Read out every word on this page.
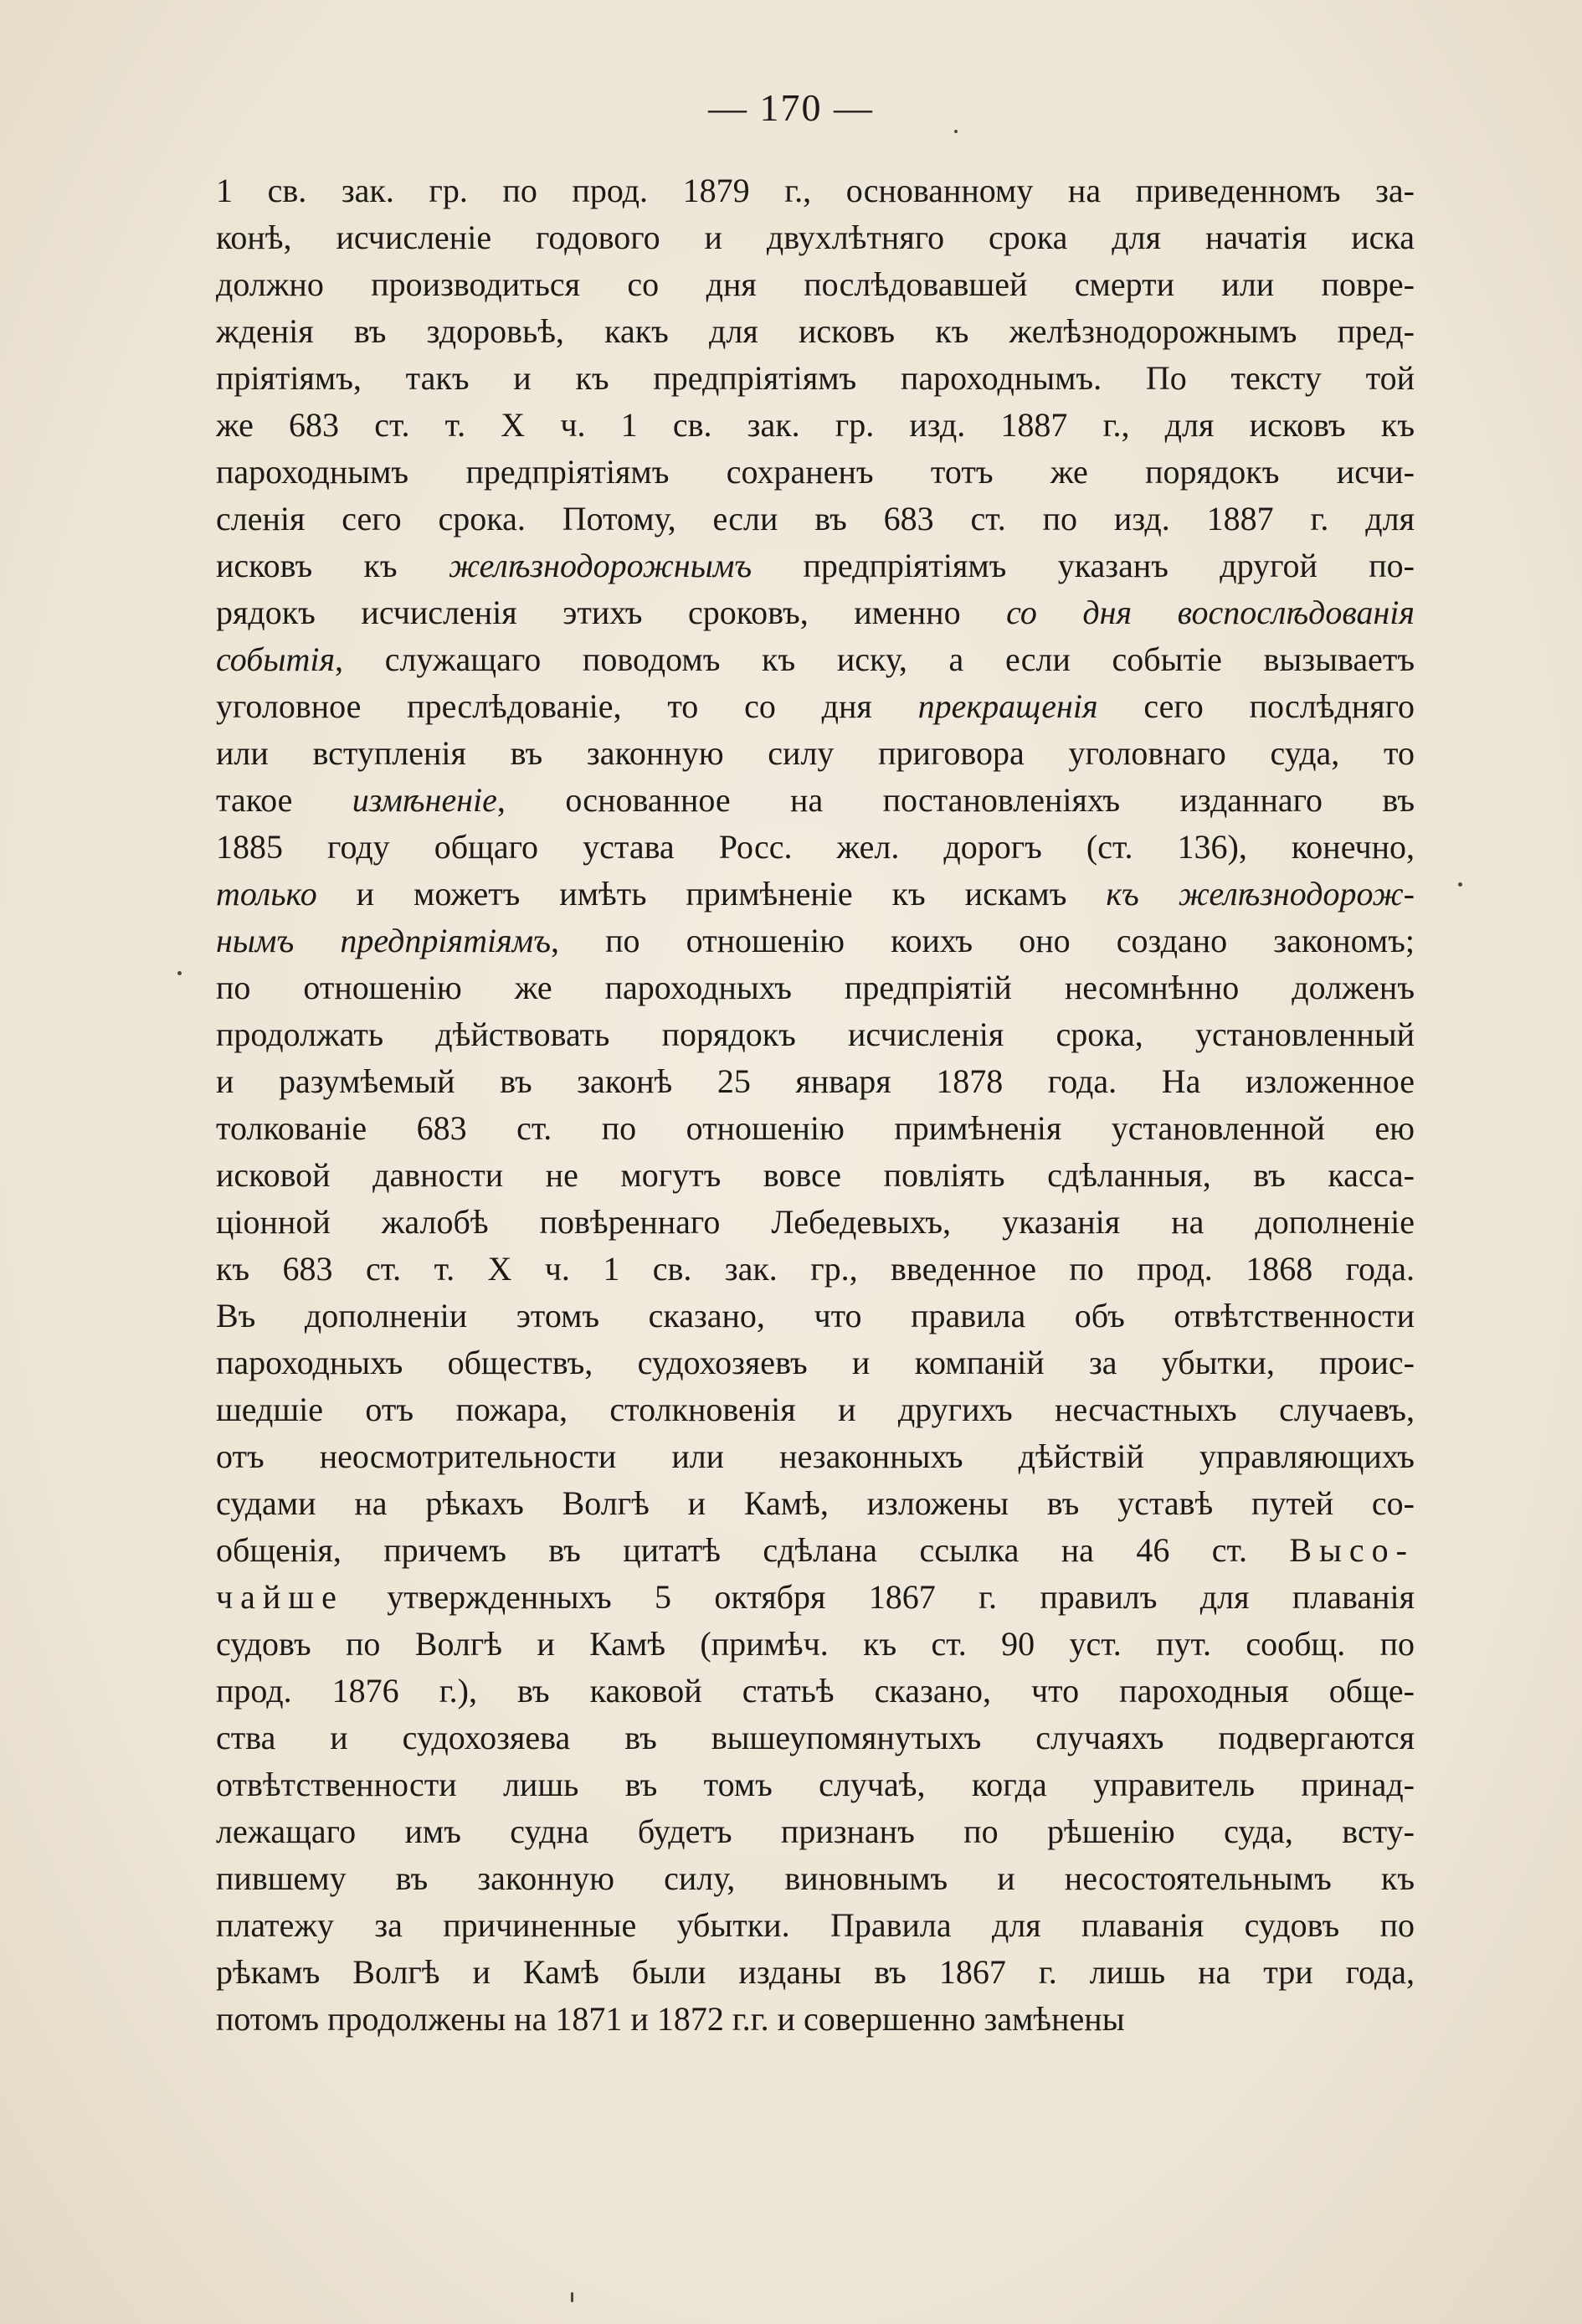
— 170 —
1 св. зак. гр. по прод. 1879 г., основанному на приведенномъ за-
конѣ, исчисленіе годового и двухлѣтняго срока для начатія иска
должно производиться со дня послѣдовавшей смерти или повре-
жденія въ здоровьѣ, какъ для исковъ къ желѣзнодорожнымъ пред-
пріятіямъ, такъ и къ предпріятіямъ пароходнымъ. По тексту той
же 683 ст. т. X ч. 1 св. зак. гр. изд. 1887 г., для исковъ къ
пароходнымъ предпріятіямъ сохраненъ тотъ же порядокъ исчи-
сленія сего срока. Потому, если въ 683 ст. по изд. 1887 г. для
исковъ къ желѣзнодорожнымъ предпріятіямъ указанъ другой по-
рядокъ исчисленія этихъ сроковъ, именно со дня воспослѣдованія
событія, служащаго поводомъ къ иску, а если событіе вызываетъ
уголовное преслѣдованіе, то со дня прекращенія сего послѣдняго
или вступленія въ законную силу приговора уголовнаго суда, то
такое измѣненіе, основанное на постановленіяхъ изданнаго въ
1885 году общаго устава Росс. жел. дорогъ (ст. 136), конечно,
только и можетъ имѣть примѣненіе къ искамъ къ желѣзнодорож-
нымъ предпріятіямъ, по отношенію коихъ оно создано закономъ;
по отношенію же пароходныхъ предпріятій несомнѣнно долженъ
продолжать дѣйствовать порядокъ исчисленія срока, установленный
и разумѣемый въ законѣ 25 января 1878 года. На изложенное
толкованіе 683 ст. по отношенію примѣненія установленной ею
исковой давности не могутъ вовсе повліять сдѣланныя, въ касса-
ціонной жалобѣ повѣреннаго Лебедевыхъ, указанія на дополненіе
къ 683 ст. т. X ч. 1 св. зак. гр., введенное по прод. 1868 года.
Въ дополненіи этомъ сказано, что правила объ отвѣтственности
пароходныхъ обществъ, судохозяевъ и компаній за убытки, проис-
шедшіе отъ пожара, столкновенія и другихъ несчастныхъ случаевъ,
отъ неосмотрительности или незаконныхъ дѣйствій управляющихъ
судами на рѣкахъ Волгѣ и Камѣ, изложены въ уставѣ путей со-
общенія, причемъ въ цитатѣ сдѣлана ссылка на 46 ст. Высо-
чайше утвержденныхъ 5 октября 1867 г. правилъ для плаванія
судовъ по Волгѣ и Камѣ (примѣч. къ ст. 90 уст. пут. сообщ. по
прод. 1876 г.), въ каковой статьѣ сказано, что пароходныя обще-
ства и судохозяева въ вышеупомянутыхъ случаяхъ подвергаются
отвѣтственности лишь въ томъ случаѣ, когда управитель принад-
лежащаго имъ судна будетъ признанъ по рѣшенію суда, всту-
пившему въ законную силу, виновнымъ и несостоятельнымъ къ
платежу за причиненные убытки. Правила для плаванія судовъ по
рѣкамъ Волгѣ и Камѣ были изданы въ 1867 г. лишь на три года,
потомъ продолжены на 1871 и 1872 г.г. и совершенно замѣнены
